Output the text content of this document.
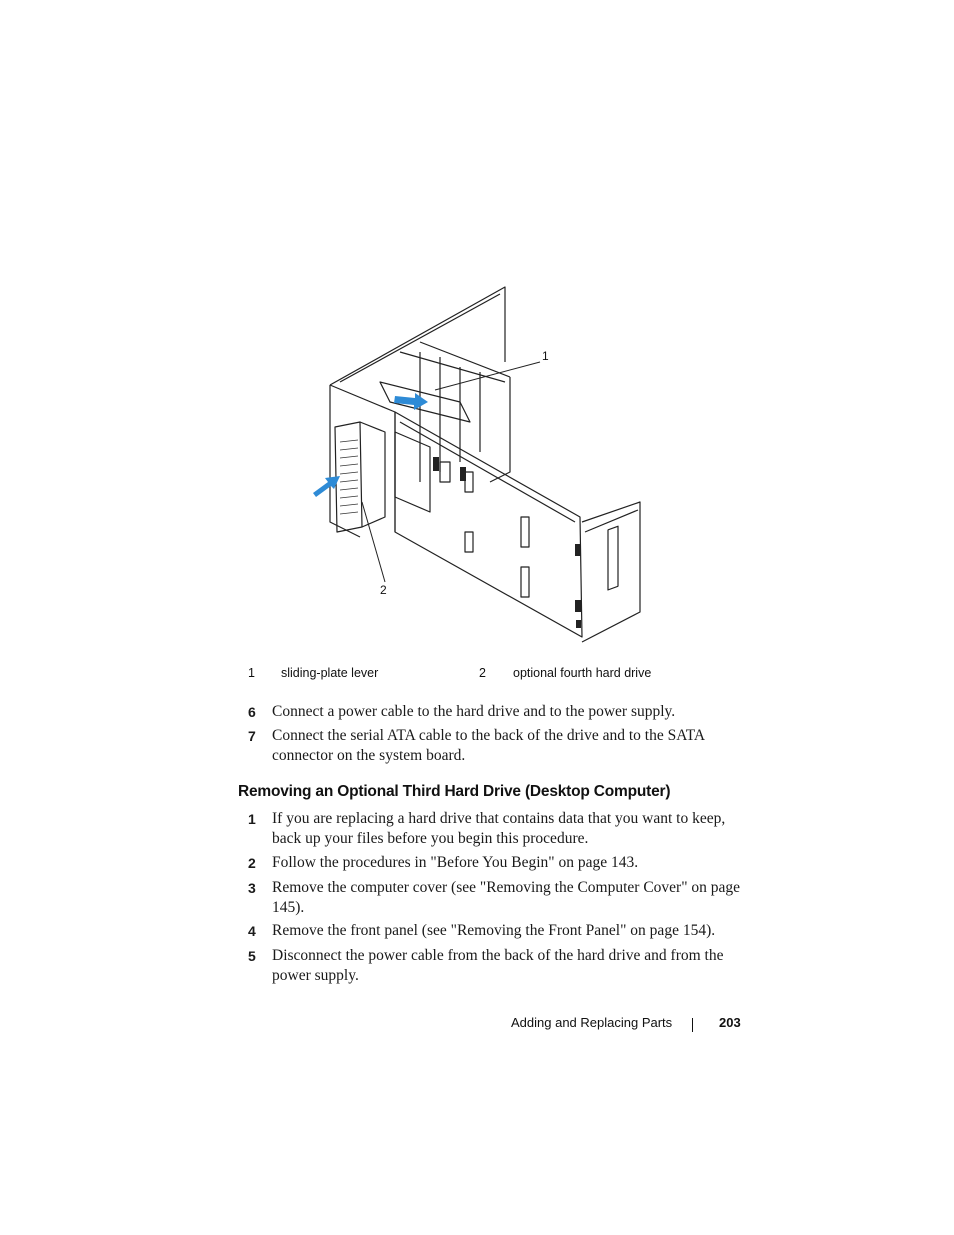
1
2
1 sliding-plate lever	2 optional fourth hard drive
6 Connect a power cable to the hard drive and to the power supply.
7 Connect the serial ATA cable to the back of the drive and to the SATA connector on the system board.
Removing an Optional Third Hard Drive (Desktop Computer)
1 If you are replacing a hard drive that contains data that you want to keep, back up your files before you begin this procedure.
2 Follow the procedures in "Before You Begin" on page 143.
3 Remove the computer cover (see "Removing the Computer Cover" on page 145).
4 Remove the front panel (see "Removing the Front Panel" on page 154).
5 Disconnect the power cable from the back of the hard drive and from the power supply.
Adding and Replacing Parts	203
